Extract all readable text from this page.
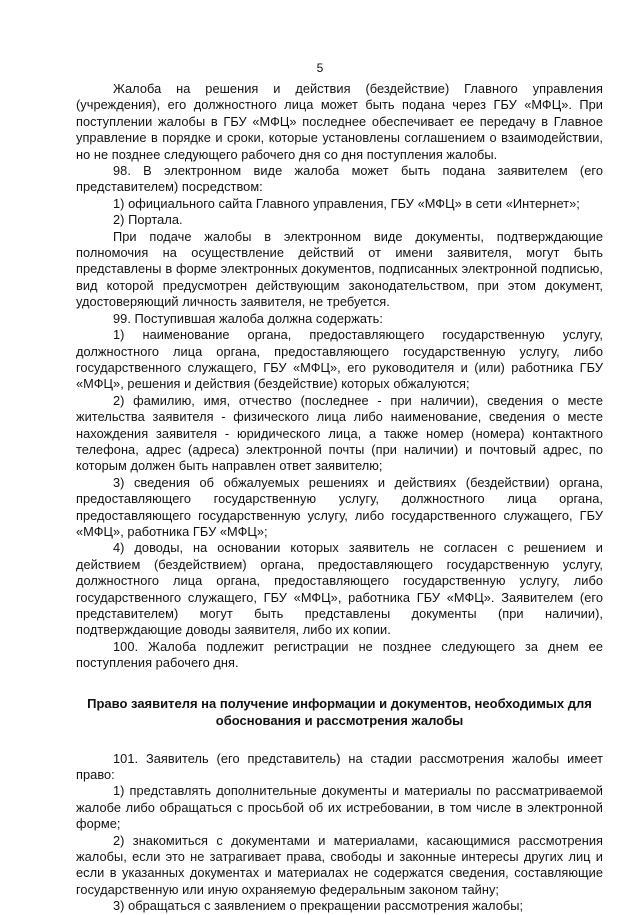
5

Жалоба на решения и действия (бездействие) Главного управления (учреждения), его должностного лица может быть подана через ГБУ «МФЦ». При поступлении жалобы в ГБУ «МФЦ» последнее обеспечивает ее передачу в Главное управление в порядке и сроки, которые установлены соглашением о взаимодействии, но не позднее следующего рабочего дня со дня поступления жалобы.

98. В электронном виде жалоба может быть подана заявителем (его представителем) посредством:

1) официального сайта Главного управления, ГБУ «МФЦ» в сети «Интернет»;

2) Портала.

При подаче жалобы в электронном виде документы, подтверждающие полномочия на осуществление действий от имени заявителя, могут быть представлены в форме электронных документов, подписанных электронной подписью, вид которой предусмотрен действующим законодательством, при этом документ, удостоверяющий личность заявителя, не требуется.

99. Поступившая жалоба должна содержать:

1) наименование органа, предоставляющего государственную услугу, должностного лица органа, предоставляющего государственную услугу, либо государственного служащего, ГБУ «МФЦ», его руководителя и (или) работника ГБУ «МФЦ», решения и действия (бездействие) которых обжалуются;

2) фамилию, имя, отчество (последнее - при наличии), сведения о месте жительства заявителя - физического лица либо наименование, сведения о месте нахождения заявителя - юридического лица, а также номер (номера) контактного телефона, адрес (адреса) электронной почты (при наличии) и почтовый адрес, по которым должен быть направлен ответ заявителю;

3) сведения об обжалуемых решениях и действиях (бездействии) органа, предоставляющего государственную услугу, должностного лица органа, предоставляющего государственную услугу, либо государственного служащего, ГБУ «МФЦ», работника ГБУ «МФЦ»;

4) доводы, на основании которых заявитель не согласен с решением и действием (бездействием) органа, предоставляющего государственную услугу, должностного лица органа, предоставляющего государственную услугу, либо государственного служащего, ГБУ «МФЦ», работника ГБУ «МФЦ». Заявителем (его представителем) могут быть представлены документы (при наличии), подтверждающие доводы заявителя, либо их копии.

100. Жалоба подлежит регистрации не позднее следующего за днем ее поступления рабочего дня.

Право заявителя на получение информации и документов, необходимых для
обоснования и рассмотрения жалобы

101. Заявитель (его представитель) на стадии рассмотрения жалобы имеет право:

1) представлять дополнительные документы и материалы по рассматриваемой жалобе либо обращаться с просьбой об их истребовании, в том числе в электронной форме;

2) знакомиться с документами и материалами, касающимися рассмотрения жалобы, если это не затрагивает права, свободы и законные интересы других лиц и если в указанных документах и материалах не содержатся сведения, составляющие государственную или иную охраняемую федеральным законом тайну;

3) обращаться с заявлением о прекращении рассмотрения жалобы;
